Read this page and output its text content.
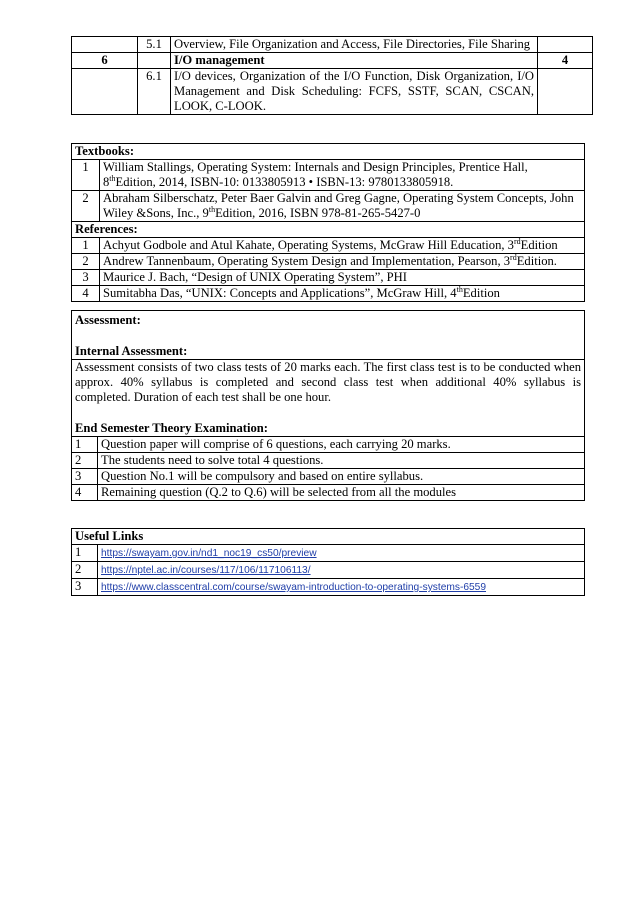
	5.1	Overview, File Organization and Access, File Directories, File Sharing	
6		I/O management	4
	6.1	I/O devices, Organization of the I/O Function, Disk Organization, I/O Management and Disk Scheduling: FCFS, SSTF, SCAN, CSCAN, LOOK, C-LOOK.	
Textbooks:	
1	William Stallings, Operating System: Internals and Design Principles, Prentice Hall, 8thEdition, 2014, ISBN-10: 0133805913 • ISBN-13: 9780133805918.
2	Abraham Silberschatz, Peter Baer Galvin and Greg Gagne, Operating System Concepts, John Wiley &Sons, Inc., 9thEdition, 2016, ISBN 978-81-265-5427-0
References:	
1	Achyut Godbole and Atul Kahate, Operating Systems, McGraw Hill Education, 3rdEdition
2	Andrew Tannenbaum, Operating System Design and Implementation, Pearson, 3rdEdition.
3	Maurice J. Bach, “Design of UNIX Operating System”, PHI
4	Sumitabha Das, “UNIX: Concepts and Applications”, McGraw Hill, 4thEdition
Assessment:
Internal Assessment:	

Assessment consists of two class tests of 20 marks each. The first class test is to be conducted when approx. 40% syllabus is completed and second class test when additional 40% syllabus is completed. Duration of each test shall be one hour.
End Semester Theory Examination:	

1	Question paper will comprise of 6 questions, each carrying 20 marks.
2	The students need to solve total 4 questions.
3	Question No.1 will be compulsory and based on entire syllabus.
4	Remaining question (Q.2 to Q.6) will be selected from all the modules
Useful Links	
1	https://swayam.gov.in/nd1_noc19_cs50/preview
2	https://nptel.ac.in/courses/117/106/117106113/
3	https://www.classcentral.com/course/swayam-introduction-to-operating-systems-6559
